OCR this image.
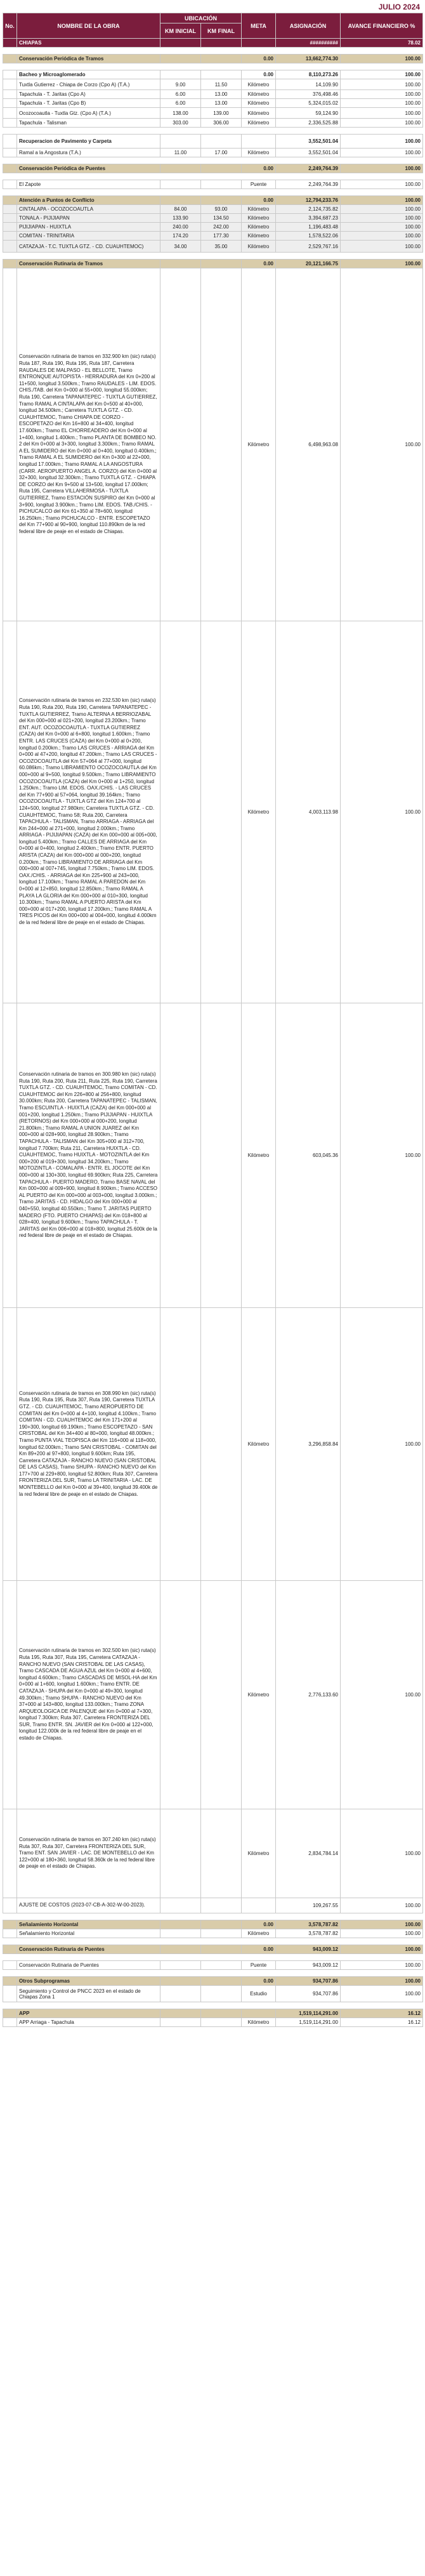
JULIO 2024
No.	NOMBRE DE LA OBRA	UBICACIÓN		META	ASIGNACIÓN	AVANCE FINANCIERO %
		KM INICIAL	KM FINAL			
	CHIAPAS				##########	78.02

	Conservación Periódica de Tramos			0.00	13,662,774.30	100.00

	Bacheo y Microaglomerado			0.00	8,110,273.26	100.00
	Tuxtla Gutierrez - Chiapa de Corzo (Cpo A) (T.A.)	9.00	11.50	Kilómetro	14,109.90	100.00
	Tapachula - T. Jaritas (Cpo A)	6.00	13.00	Kilómetro	376,498.46	100.00
	Tapachula - T. Jaritas (Cpo B)	6.00	13.00	Kilómetro	5,324,015.02	100.00
	Ocozocoautla - Tuxtla Gtz. (Cpo A) (T.A.)	138.00	139.00	Kilómetro	59,124.90	100.00
	Tapachula - Talisman	303.00	306.00	Kilómetro	2,336,525.88	100.00

	Recuperacion de Pavimento y Carpeta				3,552,501.04	100.00
	Ramal a la Angostura (T.A.)	11.00	17.00	Kilómetro	3,552,501.04	100.00

	Conservación Periódica de Puentes			0.00	2,249,764.39	100.00

	El Zapote			Puente	2,249,764.39	100.00

	Atención a Puntos de Conflicto			0.00	12,794,233.76	100.00
	CINTALAPA - OCOZOCOAUTLA	84.00	93.00	Kilómetro	2,124,735.82	100.00
	TONALA - PIJIJIAPAN	133.90	134.50	Kilómetro	3,394,687.23	100.00
	PIJIJIAPAN - HUIXTLA	240.00	242.00	Kilómetro	1,196,483.48	100.00
	COMITAN - TRINITARIA	174.20	177.30	Kilómetro	1,578,522.06	100.00
	CATAZAJA - T.C. TUXTLA GTZ. - CD. CUAUHTEMOC)	34.00	35.00	Kilómetro	2,529,767.16	100.00

	Conservación Rutinaria de Tramos			0.00	20,121,166.75	100.00
	Conservación rutinaria de tramos en 332.900 km (sic) ruta(s) Ruta 187, Ruta 190, Ruta 195, Ruta 187, Carretera RAUDALES DE MALPASO - EL BELLOTE, Tramo ENTRONQUE AUTOPISTA - HERRADURA del Km 0+200 al 11+500, longitud 3.500km.; Tramo RAUDALES - LIM. EDOS. CHIS./TAB. del Km 0+000 al 55+000, longitud 55.000km; Ruta 190, Carretera TAPANATEPEC - TUXTLA GUTIERREZ, Tramo RAMAL A CINTALAPA del Km 0+500 al 40+000, longitud 34.500km.; Carretera TUXTLA GTZ. - CD. CUAUHTEMOC, Tramo CHIAPA DE CORZO - ESCOPETAZO del Km 16+800 al 34+400, longitud 17.600km.; Tramo EL CHORREADERO del Km 0+000 al 1+400, longitud 1.400km.; Tramo PLANTA DE BOMBEO NO. 2 del Km 0+000 al 3+300, longitud 3.300km.; Tramo RAMAL A EL SUMIDERO del Km 0+000 al 0+400, longitud 0.400km.; Tramo RAMAL A EL SUMIDERO del Km 0+300 al 22+000, longitud 17.000km.; Tramo RAMAL A LA ANGOSTURA (CARR. AEROPUERTO ANGEL A. CORZO) del Km 0+000 al 32+300, longitud 32.300km.; Tramo TUXTLA GTZ. - CHIAPA DE CORZO del Km 9+500 al 13+500, longitud 17.000km; Ruta 195, Carretera VILLAHERMOSA - TUXTLA GUTIERREZ, Tramo ESTACIÓN SUSPIRO del Km 0+000 al 3+900, longitud 3.900km.; Tramo LIM. EDOS. TAB./CHIS. - PICHUCALCO del Km 61+350 al 78+600, longitud 16.250km.; Tramo PICHUCALCO - ENTR. ESCOPETAZO del Km 77+900 al 90+900, longitud 110.890km de la red federal libre de peaje en el estado de Chiapas.			Kilómetro	6,498,963.08	100.00
	Conservación rutinaria de tramos en 232.530 km (sic) ruta(s) Ruta 190, Ruta 200, Ruta 190, Carretera TAPANATEPEC - TUXTLA GUTIERREZ, Tramo ALTERNA A BERRIOZABAL del Km 000+000 al 021+200, longitud 23.200km.; Tramo ENT. AUT. OCOZOCOAUTLA - TUXTLA GUTIERREZ (CAZA) del Km 0+000 al 6+800, longitud 1.600km.; Tramo ENTR. LAS CRUCES (CAZA) del Km 0+000 al 0+200, longitud 0.200km.; Tramo LAS CRUCES - ARRIAGA del Km 0+000 al 47+200, longitud 47.200km.; Tramo LAS CRUCES - OCOZOCOAUTLA del Km 57+064 al 77+000, longitud 60.086km.; Tramo LIBRAMIENTO OCOZOCOAUTLA del Km 000+000 al 9+500, longitud 9.500km.; Tramo LIBRAMIENTO OCOZOCOAUTLA (CAZA) del Km 0+000 al 1+250, longitud 1.250km.; Tramo LIM. EDOS. OAX./CHIS. - LAS CRUCES del Km 77+900 al 57+064, longitud 39.164km.; Tramo OCOZOCOAUTLA - TUXTLA GTZ del Km 124+700 al 124+500, longitud 27.980km; Carretera TUXTLA GTZ. - CD. CUAUHTEMOC, Tramo 58; Ruta 200, Carretera TAPACHULA - TALISMAN, Tramo ARRIAGA - ARRIAGA del Km 244+000 al 271+000, longitud 2.000km.; Tramo ARRIAGA - PIJIJIAPAN (CAZA) del Km 000+000 al 005+000, longitud 5.400km.; Tramo CALLES DE ARRIAGA del Km 0+000 al 0+400, longitud 2.400km.; Tramo ENTR. PUERTO ARISTA (CAZA) del Km 000+000 al 000+200, longitud 0.200km.; Tramo LIBRAMIENTO DE ARRIAGA del Km 000+000 al 007+745, longitud 7.750km.; Tramo LIM. EDOS. OAX./CHIS. - ARRIAGA del Km 225+900 al 243+000, longitud 17.100km.; Tramo RAMAL A PAREDON del Km 0+000 al 12+850, longitud 12.850km.; Tramo RAMAL A PLAYA LA GLORIA del Km 000+000 al 010+300, longitud 10.300km.; Tramo RAMAL A PUERTO ARISTA del Km 000+000 al 017+200, longitud 17.200km.; Tramo RAMAL A TRES PICOS del Km 000+000 al 004+000, longitud 4.000km de la red federal libre de peaje en el estado de Chiapas.			Kilómetro	4,003,113.98	100.00
	Conservación rutinaria de tramos en 300.980 km (sic) ruta(s) Ruta 190, Ruta 200, Ruta 211, Ruta 225, Ruta 190, Carretera TUXTLA GTZ. - CD. CUAUHTEMOC, Tramo COMITAN - CD. CUAUHTEMOC del Km 226+800 al 256+800, longitud 30.000km; Ruta 200, Carretera TAPANATEPEC - TALISMAN, Tramo ESCUINTLA - HUIXTLA (CAZA) del Km 000+000 al 001+200, longitud 1.250km.; Tramo PIJIJIAPAN - HUIXTLA (RETORNOS) del Km 000+000 al 000+200, longitud 21.800km.; Tramo RAMAL A UNION JUAREZ del Km 000+000 al 028+900, longitud 28.900km.; Tramo TAPACHULA - TALISMAN del Km 305+000 al 312+700, longitud 7.700km; Ruta 211, Carretera HUIXTLA - CD. CUAUHTEMOC, Tramo HUIXTLA - MOTOZINTLA del Km 000+200 al 019+300, longitud 34.200km.; Tramo MOTOZINTLA - COMALAPA - ENTR. EL JOCOTE del Km 000+000 al 130+300, longitud 69.900km; Ruta 225, Carretera TAPACHULA - PUERTO MADERO, Tramo BASE NAVAL del Km 000+000 al 009+900, longitud 8.900km.; Tramo ACCESO AL PUERTO del Km 000+000 al 003+000, longitud 3.000km.; Tramo JARITAS - CD. HIDALGO del Km 000+000 al 040+550, longitud 40.550km.; Tramo T. JARITAS PUERTO MADERO (FTO. PUERTO CHIAPAS) del Km 018+800 al 028+400, longitud 9.600km.; Tramo TAPACHULA - T. JARITAS del Km 006+000 al 018+800, longitud 25.600k de la red federal libre de peaje en el estado de Chiapas.			Kilómetro	603,045.36	100.00
	Conservación rutinaria de tramos en 308.990 km (sic) ruta(s) Ruta 190, Ruta 195, Ruta 307, Ruta 190, Carretera TUXTLA GTZ. - CD. CUAUHTEMOC, Tramo AEROPUERTO DE COMITAN del Km 0+000 al 4+100, longitud 4.100km.; Tramo COMITAN - CD. CUAUHTEMOC del Km 171+200 al 190+300, longitud 69.190km.; Tramo ESCOPETAZO - SAN CRISTOBAL del Km 34+400 al 80+000, longitud 48.000km.; Tramo PUNTA VIAL TEOPISCA del Km 116+000 al 118+000, longitud 62.000km.; Tramo SAN CRISTOBAL - COMITAN del Km 89+200 al 97+800, longitud 9.600km; Ruta 195, Carretera CATAZAJA - RANCHO NUEVO (SAN CRISTOBAL DE LAS CASAS), Tramo SHUPA - RANCHO NUEVO del Km 177+700 al 229+800, longitud 52.800km; Ruta 307, Carretera FRONTERIZA DEL SUR, Tramo LA TRINITARIA - LAC. DE MONTEBELLO del Km 0+000 al 39+400, longitud 39.400k de la red federal libre de peaje en el estado de Chiapas.			Kilómetro	3,296,858.84	100.00
	Conservación rutinaria de tramos en 302.500 km (sic) ruta(s) Ruta 195, Ruta 307, Ruta 195, Carretera CATAZAJA - RANCHO NUEVO (SAN CRISTOBAL DE LAS CASAS), Tramo CASCADA DE AGUA AZUL del Km 0+000 al 4+600, longitud 4.600km.; Tramo CASCADAS DE MISOL-HA del Km 0+000 al 1+600, longitud 1.600km.; Tramo ENTR. DE CATAZAJA - SHUPA del Km 0+000 al 49+300, longitud 49.300km.; Tramo SHUPA - RANCHO NUEVO del Km 37+000 al 143+800, longitud 133.000km.; Tramo ZONA ARQUEOLOGICA DE PALENQUE del Km 0+000 al 7+300, longitud 7.300km; Ruta 307, Carretera FRONTERIZA DEL SUR, Tramo ENTR. SN. JAVIER del Km 0+000 al 122+000, longitud 122.000k de la red federal libre de peaje en el estado de Chiapas.			Kilómetro	2,776,133.60	100.00
	Conservación rutinaria de tramos en 307.240 km (sic) ruta(s) Ruta 307, Ruta 307, Carretera FRONTERIZA DEL SUR, Tramo ENT. SAN JAVIER - LAC. DE MONTEBELLO del Km 122+000 al 180+360, longitud 58.360k de la red federal libre de peaje en el estado de Chiapas.			Kilómetro	2,834,784.14	100.00
	AJUSTE DE COSTOS (2023-07-CB-A-302-W-00-2023).				109,267.55	100.00

	Señalamiento Horizontal			0.00	3,578,787.82	100.00
	Señalamiento Horizontal			Kilómetro	3,578,787.82	100.00

	Conservación Rutinaria de Puentes			0.00	943,009.12	100.00

	Conservación Rutinaria de Puentes			Puente	943,009.12	100.00

	Otros Subprogramas			0.00	934,707.86	100.00
	Seguimiento y Control de PNCC 2023 en el estado de Chiapas Zona 1			Estudio	934,707.86	100.00

	APP				1,519,114,291.00	16.12
	APP Arriaga - Tapachula			Kilómetro	1,519,114,291.00	16.12
